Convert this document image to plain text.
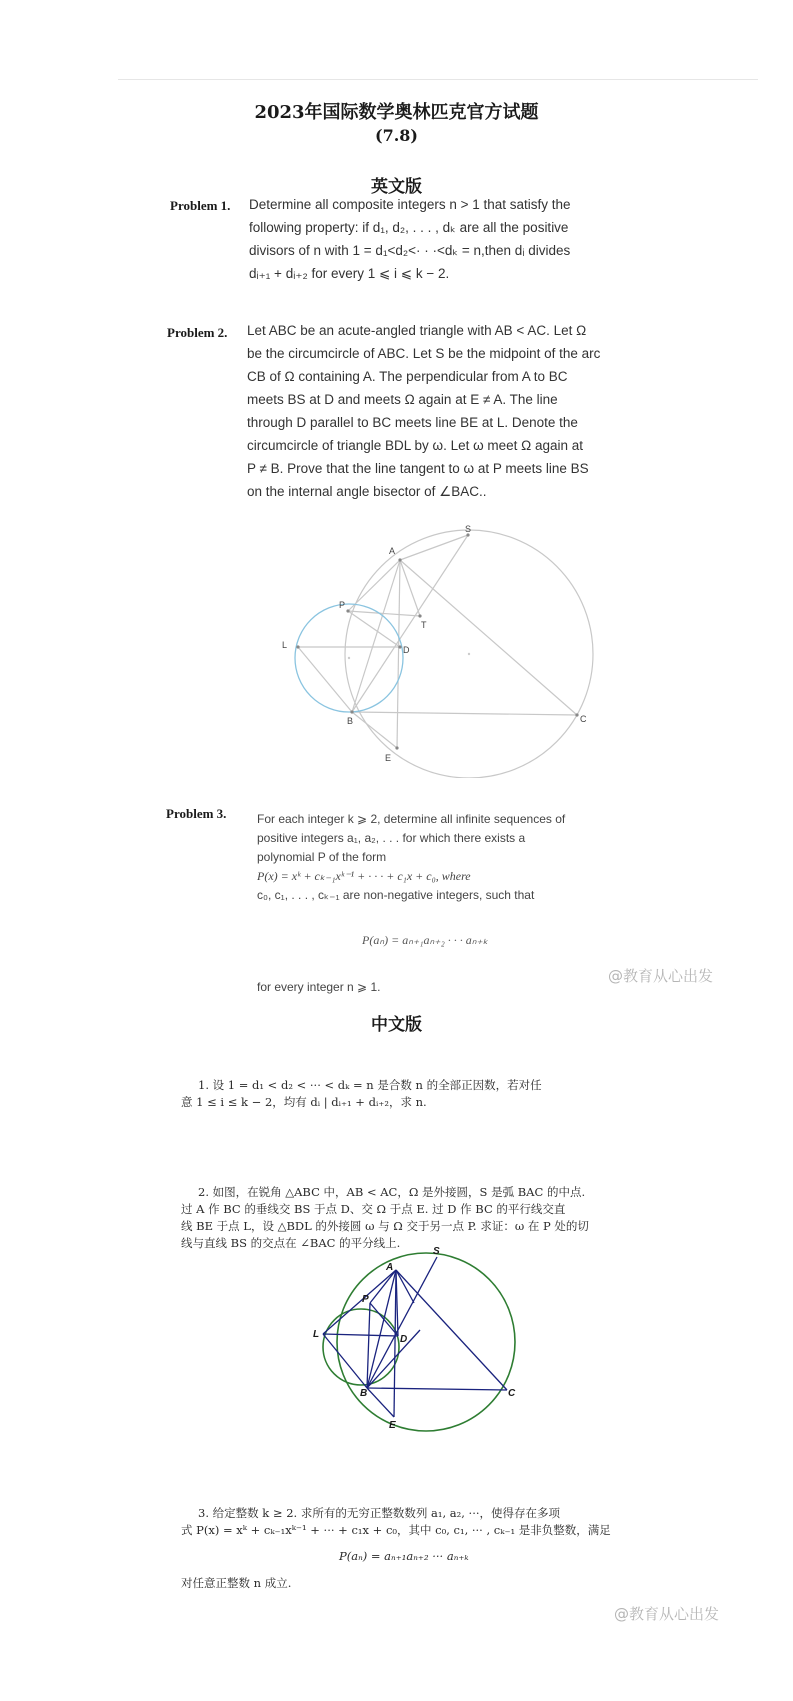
2023年国际数学奥林匹克官方试题
(7.8)
英文版
Problem 1. Determine all composite integers n > 1 that satisfy the
following property: if d₁, d₂, . . . , dₖ are all the positive
divisors of n with 1 = d₁<d₂<· · ·<dₖ = n,then dᵢ divides
dᵢ₊₁ + dᵢ₊₂ for every 1 ⩽ i ⩽ k − 2.
Problem 2. Let ABC be an acute-angled triangle with AB < AC. Let Ω
be the circumcircle of ABC. Let S be the midpoint of the arc
CB of Ω containing A. The perpendicular from A to BC
meets BS at D and meets Ω again at E ≠ A. The line
through D parallel to BC meets line BE at L. Denote the
circumcircle of triangle BDL by ω. Let ω meet Ω again at
P ≠ B. Prove that the line tangent to ω at P meets line BS
on the internal angle bisector of ∠BAC..
A
S
P
T
L	D
B	C
E
Problem 3.	For each integer k ⩾ 2, determine all infinite sequences of
positive integers a₁, a₂, . . . for which there exists a
polynomial P of the form
P(x) = xᵏ + cₖ₋₁xᵏ⁻¹ + · · · + c₁x + c₀, where
c₀, c₁, . . . , cₖ₋₁ are non-negative integers, such that
P(aₙ) = aₙ₊₁aₙ₊₂ · · · aₙ₊ₖ
for every integer n ⩾ 1.
@教育从心出发
中文版
1. 设 1 = d₁ < d₂ < ··· < dₖ = n 是合数 n 的全部正因数，若对任
意 1 ≤ i ≤ k − 2，均有 dᵢ | dᵢ₊₁ + dᵢ₊₂，求 n.
2. 如图，在锐角 △ABC 中，AB < AC，Ω 是外接圆，S 是弧 BAC 的中点.
过 A 作 BC 的垂线交 BS 于点 D、交 Ω 于点 E. 过 D 作 BC 的平行线交直
线 BE 于点 L，设 △BDL 的外接圆 ω 与 Ω 交于另一点 P. 求证：ω 在 P 处的切
线与直线 BS 的交点在 ∠BAC 的平分线上.
A
S
P
L	D
B	C
E
3. 给定整数 k ≥ 2. 求所有的无穷正整数数列 a₁, a₂, ···，使得存在多项
式 P(x) = xᵏ + cₖ₋₁xᵏ⁻¹ + ··· + c₁x + c₀，其中 c₀, c₁, ··· , cₖ₋₁ 是非负整数，满足
P(aₙ) = aₙ₊₁aₙ₊₂ ··· aₙ₊ₖ
对任意正整数 n 成立.
@教育从心出发
